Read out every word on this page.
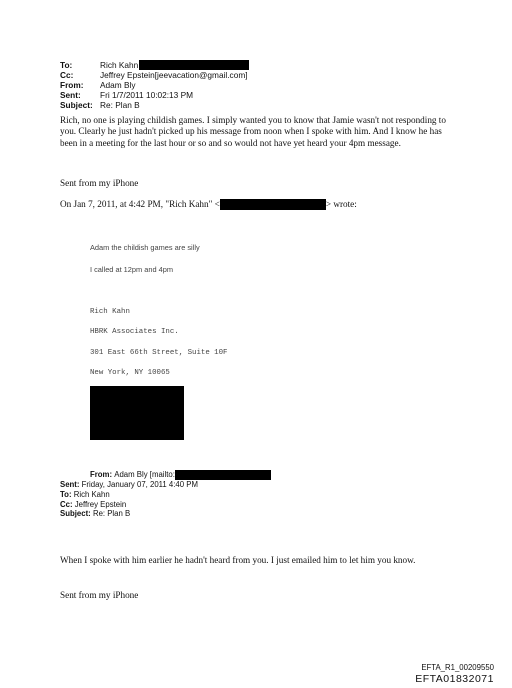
To:	Rich Kahn
Cc:	Jeffrey Epstein[jeevacation@gmail.com]
From:	Adam Bly
Sent:	Fri 1/7/2011 10:02:13 PM
Subject: Re: Plan B
Rich, no one is playing childish games. I simply wanted you to know that Jamie wasn't not responding to you. Clearly he just hadn't picked up his message from noon when I spoke with him. And I know he has been in a meeting for the last hour or so and so would not have yet heard your 4pm message.
Sent from my iPhone
On Jan 7, 2011, at 4:42 PM, "Rich Kahn" <	> wrote:
Adam the childish games are silly
I called at 12pm and 4pm
Rich Kahn
HBRK Associates Inc.
301 East 66th Street, Suite 10F
New York, NY 10065
From:
Adam Bly [mailto:
Sent:
Friday, January 07, 2011 4:40 PM
To:
Rich Kahn
Cc:
Jeffrey Epstein
Subject:
Re: Plan B
When I spoke with him earlier he hadn't heard from you. I just emailed him to let him you know.
Sent from my iPhone
EFTA_R1_00209550
EFTA01832071
